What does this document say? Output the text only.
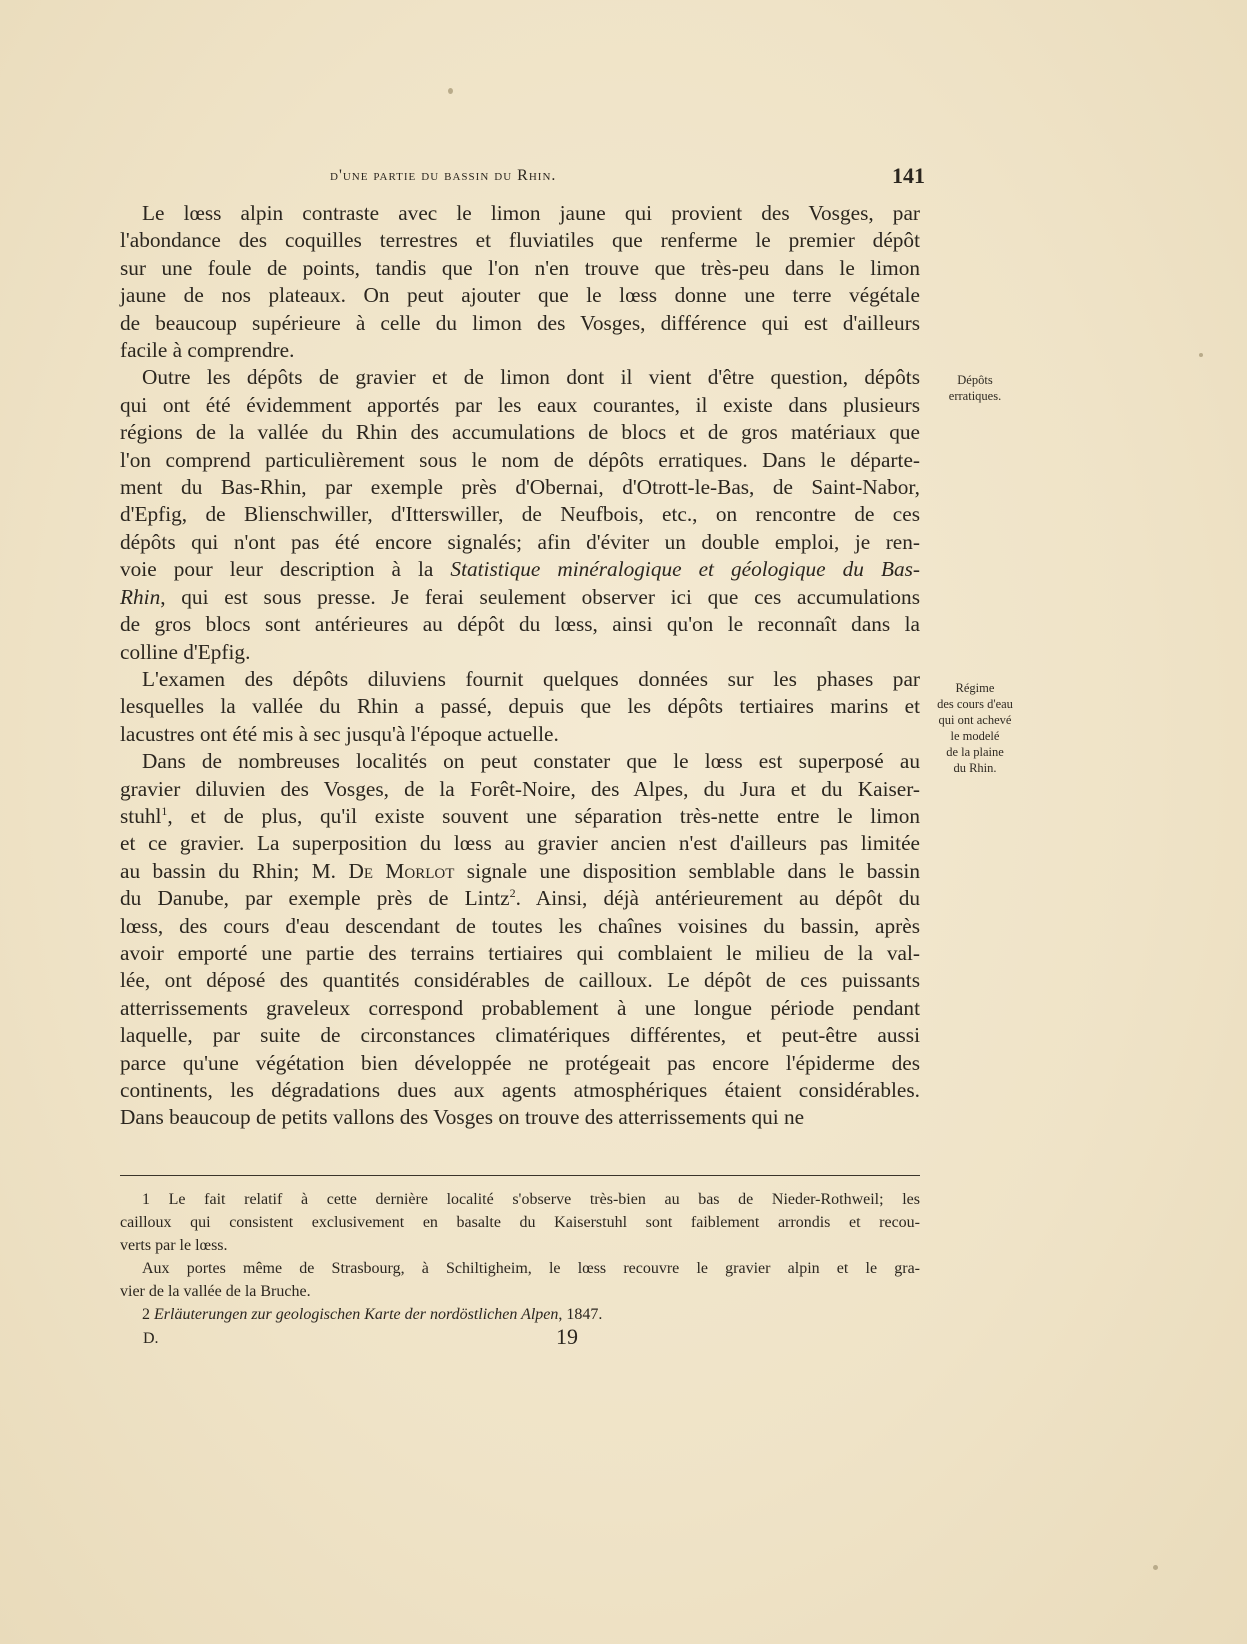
d'une partie du bassin du Rhin.	141

Le lœss alpin contraste avec le limon jaune qui provient des Vosges, par
l'abondance des coquilles terrestres et fluviatiles que renferme le premier dépôt
sur une foule de points, tandis que l'on n'en trouve que très-peu dans le limon
jaune de nos plateaux. On peut ajouter que le lœss donne une terre végétale
de beaucoup supérieure à celle du limon des Vosges, différence qui est d'ailleurs
facile à comprendre.

Outre les dépôts de gravier et de limon dont il vient d'être question, dépôts
qui ont été évidemment apportés par les eaux courantes, il existe dans plusieurs
régions de la vallée du Rhin des accumulations de blocs et de gros matériaux que
l'on comprend particulièrement sous le nom de dépôts erratiques. Dans le départe-
ment du Bas-Rhin, par exemple près d'Obernai, d'Otrott-le-Bas, de Saint-Nabor,
d'Epfig, de Blienschwiller, d'Itterswiller, de Neufbois, etc., on rencontre de ces
dépôts qui n'ont pas été encore signalés; afin d'éviter un double emploi, je ren-
voie pour leur description à la Statistique minéralogique et géologique du Bas-
Rhin, qui est sous presse. Je ferai seulement observer ici que ces accumulations
de gros blocs sont antérieures au dépôt du lœss, ainsi qu'on le reconnaît dans la
colline d'Epfig.

L'examen des dépôts diluviens fournit quelques données sur les phases par
lesquelles la vallée du Rhin a passé, depuis que les dépôts tertiaires marins et
lacustres ont été mis à sec jusqu'à l'époque actuelle.

Dans de nombreuses localités on peut constater que le lœss est superposé au
gravier diluvien des Vosges, de la Forêt-Noire, des Alpes, du Jura et du Kaiser-
stuhl$^1$, et de plus, qu'il existe souvent une séparation très-nette entre le limon
et ce gravier. La superposition du lœss au gravier ancien n'est d'ailleurs pas limitée
au bassin du Rhin; M. De Morlot signale une disposition semblable dans le bassin
du Danube, par exemple près de Lintz$^2$. Ainsi, déjà antérieurement au dépôt du
lœss, des cours d'eau descendant de toutes les chaînes voisines du bassin, après
avoir emporté une partie des terrains tertiaires qui comblaient le milieu de la val-
lée, ont déposé des quantités considérables de cailloux. Le dépôt de ces puissants
atterrissements graveleux correspond probablement à une longue période pendant
laquelle, par suite de circonstances climatériques différentes, et peut-être aussi
parce qu'une végétation bien développée ne protégeait pas encore l'épiderme des
continents, les dégradations dues aux agents atmosphériques étaient considérables.
Dans beaucoup de petits vallons des Vosges on trouve des atterrissements qui ne

Dépôts
erratiques.
Régime
des cours d'eau
qui ont achevé
le modelé
de la plaine
du Rhin.
1 Le fait relatif à cette dernière localité s'observe très-bien au bas de Nieder-Rothweil; les
cailloux qui consistent exclusivement en basalte du Kaiserstuhl sont faiblement arrondis et recou-
verts par le lœss.
Aux portes même de Strasbourg, à Schiltigheim, le lœss recouvre le gravier alpin et le gra-
vier de la vallée de la Bruche.
2 Erläuterungen zur geologischen Karte der nordöstlichen Alpen, 1847.
D.	19
